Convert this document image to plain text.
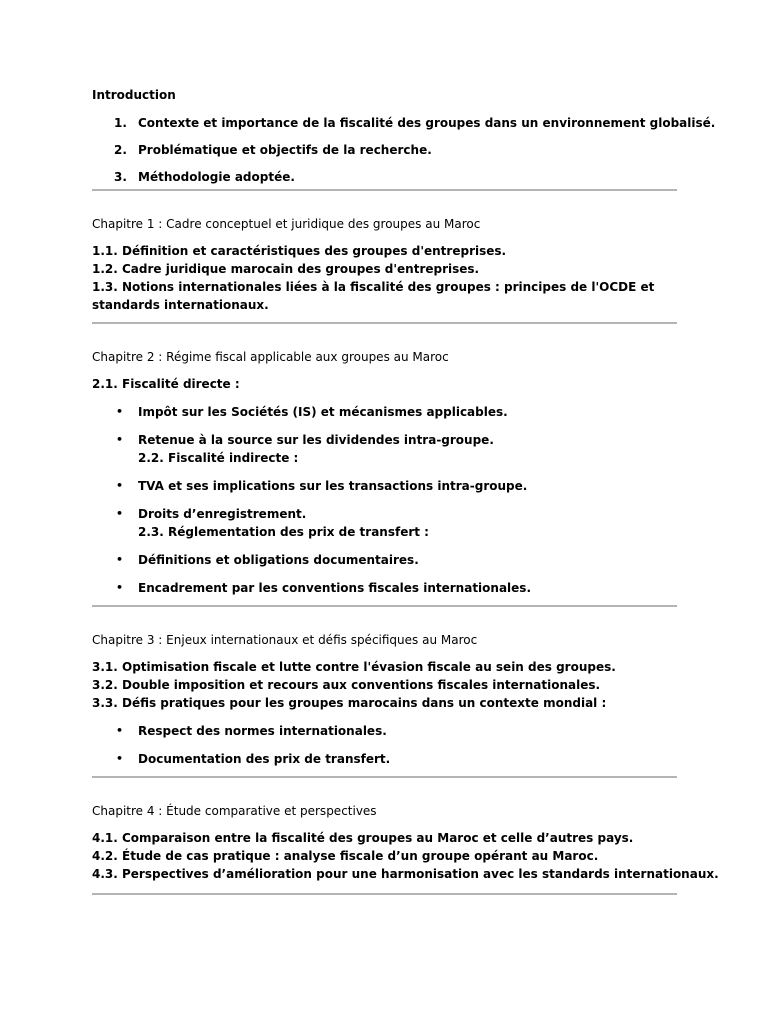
Introduction
1. Contexte et importance de la fiscalité des groupes dans un environnement globalisé.
2. Problématique et objectifs de la recherche.
3. Méthodologie adoptée.
Chapitre 1 : Cadre conceptuel et juridique des groupes au Maroc
1.1. Définition et caractéristiques des groupes d'entreprises.
1.2. Cadre juridique marocain des groupes d'entreprises.
1.3. Notions internationales liées à la fiscalité des groupes : principes de l'OCDE et standards internationaux.
Chapitre 2 : Régime fiscal applicable aux groupes au Maroc
2.1. Fiscalité directe :
• Impôt sur les Sociétés (IS) et mécanismes applicables.
• Retenue à la source sur les dividendes intra-groupe.
2.2. Fiscalité indirecte :
• TVA et ses implications sur les transactions intra-groupe.
• Droits d’enregistrement.
2.3. Réglementation des prix de transfert :
• Définitions et obligations documentaires.
• Encadrement par les conventions fiscales internationales.
Chapitre 3 : Enjeux internationaux et défis spécifiques au Maroc
3.1. Optimisation fiscale et lutte contre l'évasion fiscale au sein des groupes.
3.2. Double imposition et recours aux conventions fiscales internationales.
3.3. Défis pratiques pour les groupes marocains dans un contexte mondial :
• Respect des normes internationales.
• Documentation des prix de transfert.
Chapitre 4 : Étude comparative et perspectives
4.1. Comparaison entre la fiscalité des groupes au Maroc et celle d’autres pays.
4.2. Étude de cas pratique : analyse fiscale d’un groupe opérant au Maroc.
4.3. Perspectives d’amélioration pour une harmonisation avec les standards internationaux.
